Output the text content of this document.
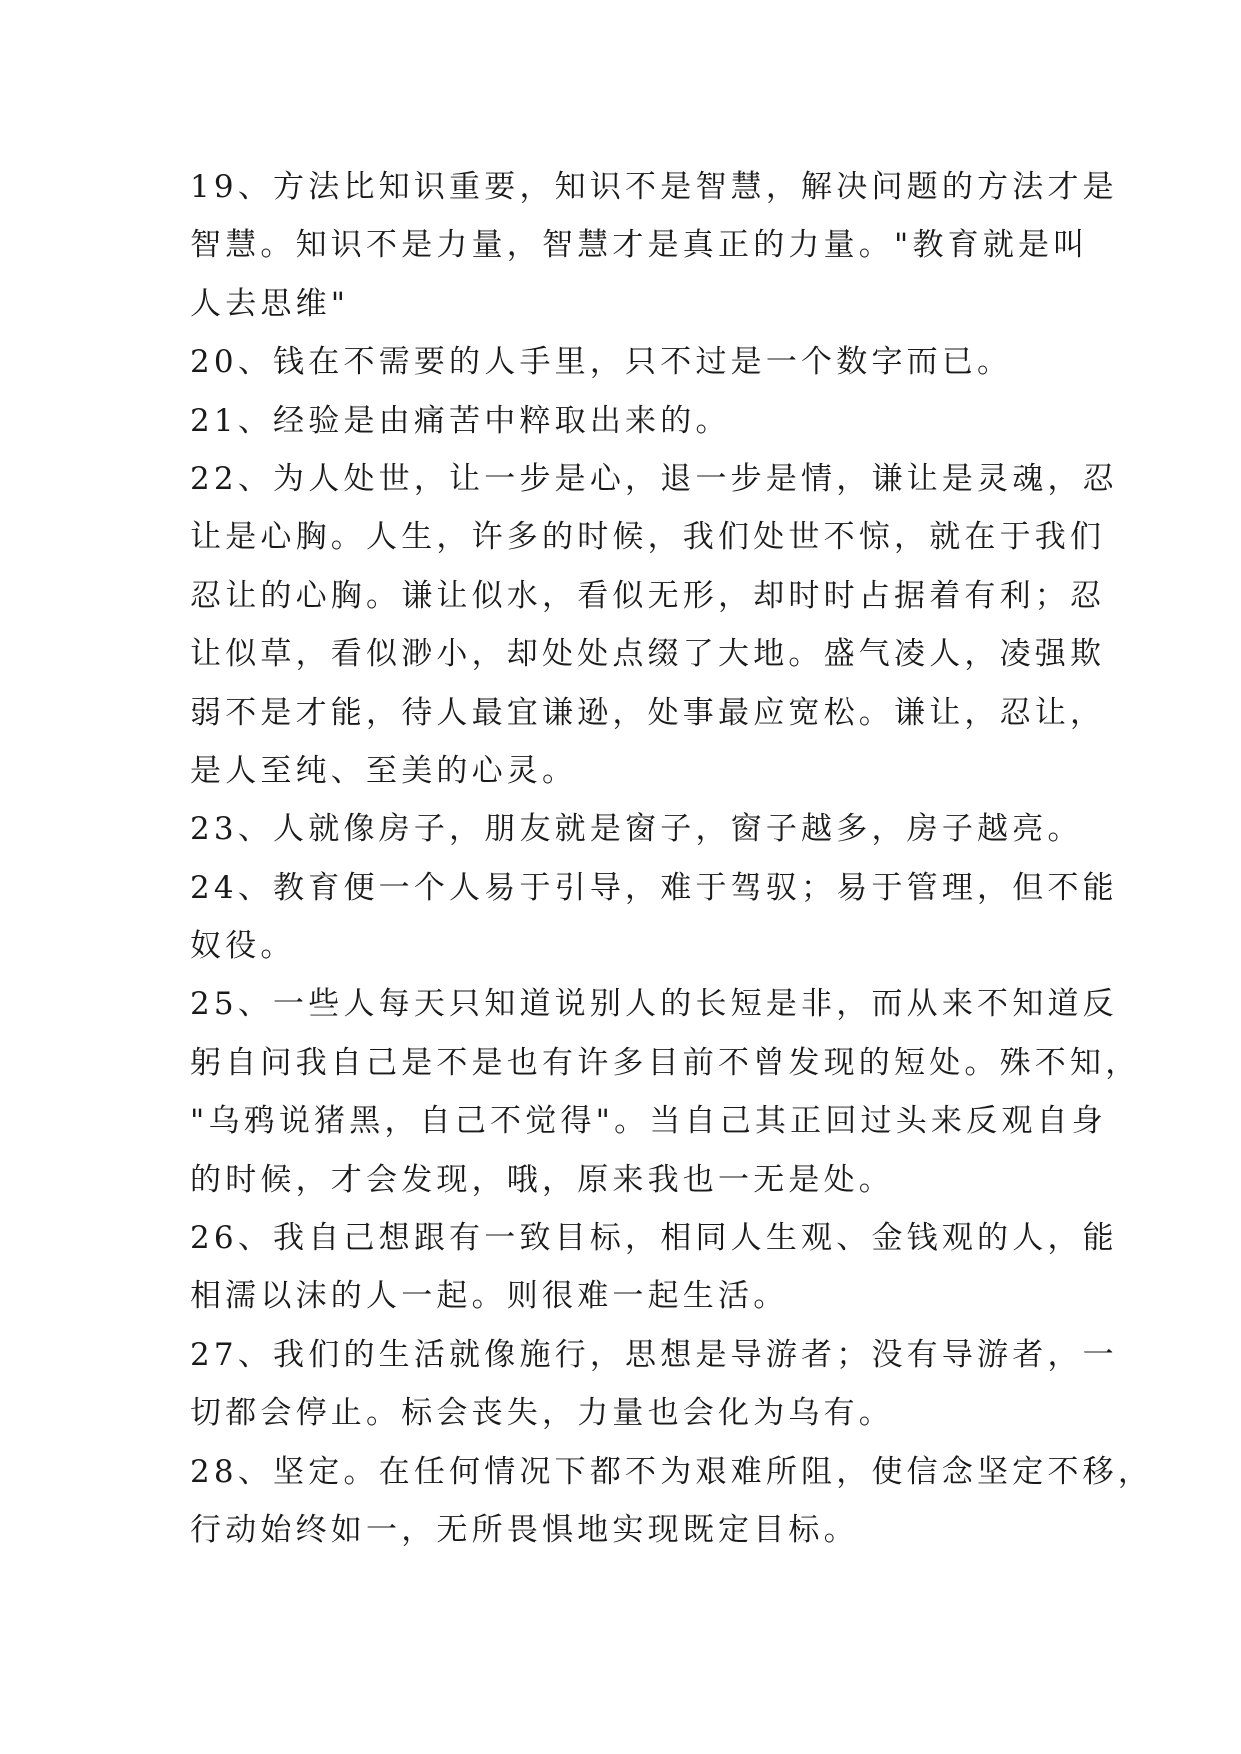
19、方法比知识重要，知识不是智慧，解决问题的方法才是
智慧。知识不是力量，智慧才是真正的力量。"教育就是叫
人去思维"
20、钱在不需要的人手里，只不过是一个数字而已。
21、经验是由痛苦中粹取出来的。
22、为人处世，让一步是心，退一步是情，谦让是灵魂，忍
让是心胸。人生，许多的时候，我们处世不惊，就在于我们
忍让的心胸。谦让似水，看似无形，却时时占据着有利；忍
让似草，看似渺小，却处处点缀了大地。盛气凌人，凌强欺
弱不是才能，待人最宜谦逊，处事最应宽松。谦让，忍让，
是人至纯、至美的心灵。
23、人就像房子，朋友就是窗子，窗子越多，房子越亮。
24、教育便一个人易于引导，难于驾驭；易于管理，但不能
奴役。
25、一些人每天只知道说别人的长短是非，而从来不知道反
躬自问我自己是不是也有许多目前不曾发现的短处。殊不知，
"乌鸦说猪黑，自己不觉得"。当自己其正回过头来反观自身
的时候，才会发现，哦，原来我也一无是处。
26、我自己想跟有一致目标，相同人生观、金钱观的人，能
相濡以沫的人一起。则很难一起生活。
27、我们的生活就像施行，思想是导游者；没有导游者，一
切都会停止。标会丧失，力量也会化为乌有。
28、坚定。在任何情况下都不为艰难所阻，使信念坚定不移，
行动始终如一，无所畏惧地实现既定目标。
